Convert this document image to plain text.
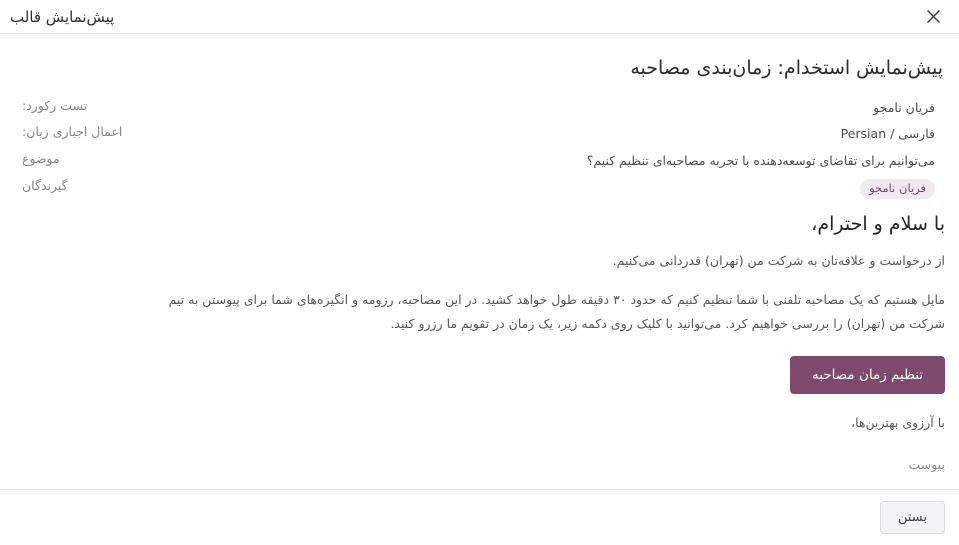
پیش‌نمایش قالب
پیش‌نمایش استخدام: زمان‌بندی مصاحبه
فریان نامجو	تست رکورد:
فارسی / Persian	اعمال اجباری زبان:
می‌توانیم برای تقاضای توسعه‌دهنده با تجربه مصاحبه‌ای تنظیم کنیم؟	موضوع
فریان نامجو	گیرندگان
با سلام و احترام،

از درخواست و علاقه‌تان به شرکت من (تهران) قدردانی می‌کنیم.

مایل هستیم که یک مصاحبه تلفنی با شما تنظیم کنیم که حدود ۳۰ دقیقه طول خواهد کشید. در این مصاحبه، رزومه و انگیزه‌های شما برای پیوستن به تیم شرکت من (تهران) را بررسی خواهیم کرد. می‌توانید با کلیک روی دکمه زیر، یک زمان در تقویم ما رزرو کنید.

تنظیم زمان مصاحبه

با آرزوی بهترین‌ها،

پیوست

بستن
